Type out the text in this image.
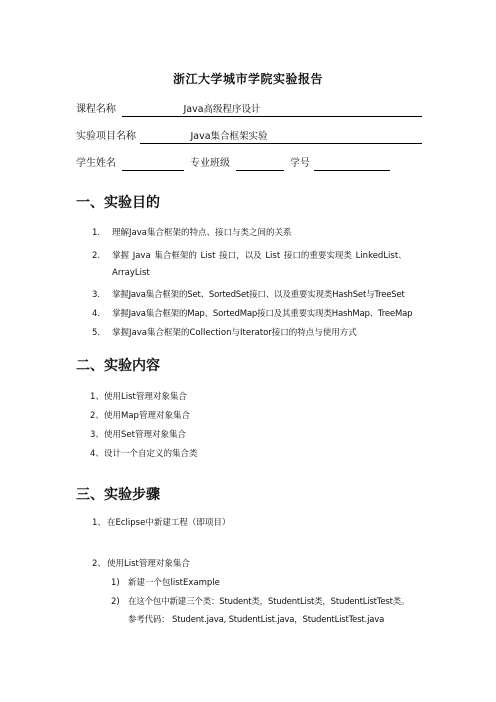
浙江大学城市学院实验报告
课程名称	Java高级程序设计
实验项目名称	Java集合框架实验
学生姓名	专业班级	学号
一、实验目的
1. 理解Java集合框架的特点、接口与类之间的关系
2. 掌握 Java 集合框架的 List 接口，以及 List 接口的重要实现类 LinkedList、
ArrayList
3. 掌握Java集合框架的Set、SortedSet接口、以及重要实现类HashSet与TreeSet
4. 掌握Java集合框架的Map、SortedMap接口及其重要实现类HashMap、TreeMap
5. 掌握Java集合框架的Collection与Iterator接口的特点与使用方式
二、实验内容
1、 使用List管理对象集合
2、 使用Map管理对象集合
3、 使用Set管理对象集合
4、 设计一个自定义的集合类
三、实验步骤
1、 在Eclipse中新建工程（即项目）
2、 使用List管理对象集合
1) 新建一个包listExample
2) 在这个包中新建三个类：Student类，StudentList类，StudentListTest类。
参考代码： Student.java, StudentList.java，StudentListTest.java
